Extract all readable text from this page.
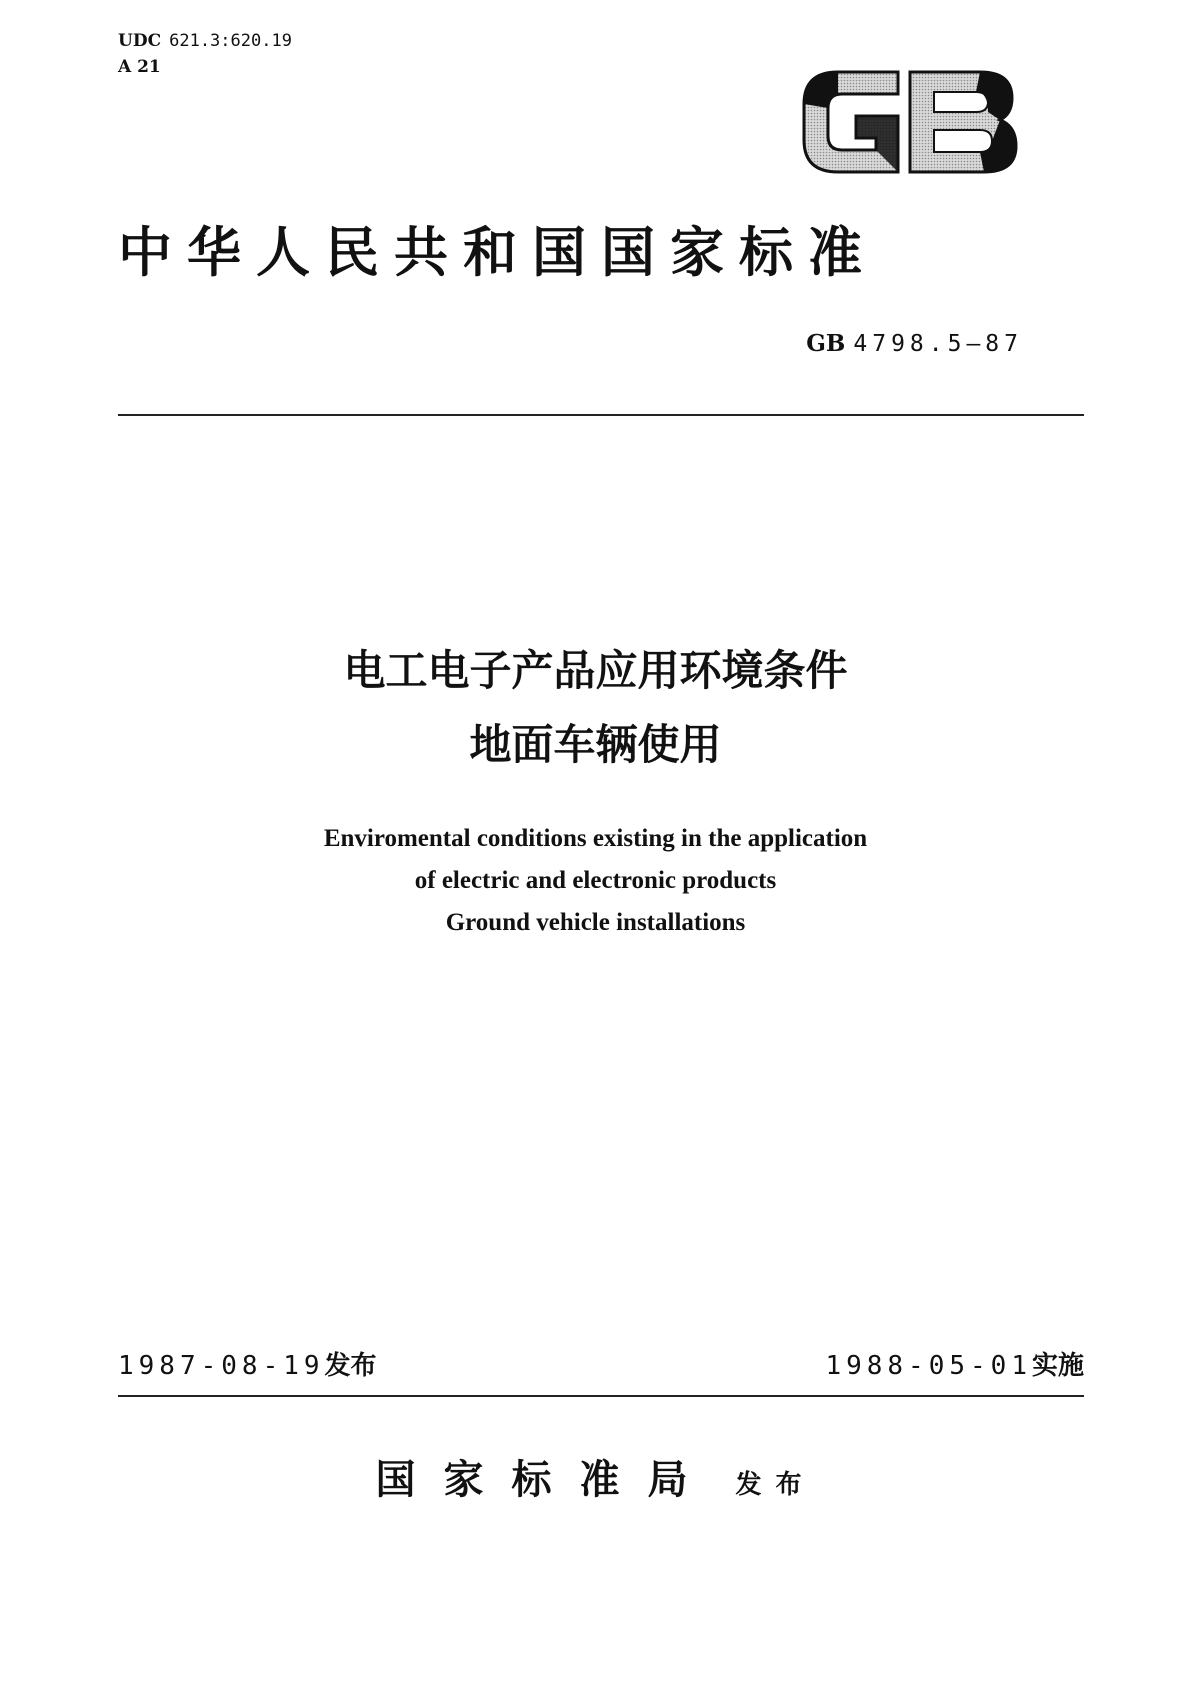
UDC 621.3:620.19
A 21
中华人民共和国国家标准
GB 4798.5—87
电工电子产品应用环境条件
地面车辆使用
Enviromental conditions existing in the application
of electric and electronic products
Ground vehicle installations
1987-08-19发布	1988-05-01实施
国家标准局 发布
